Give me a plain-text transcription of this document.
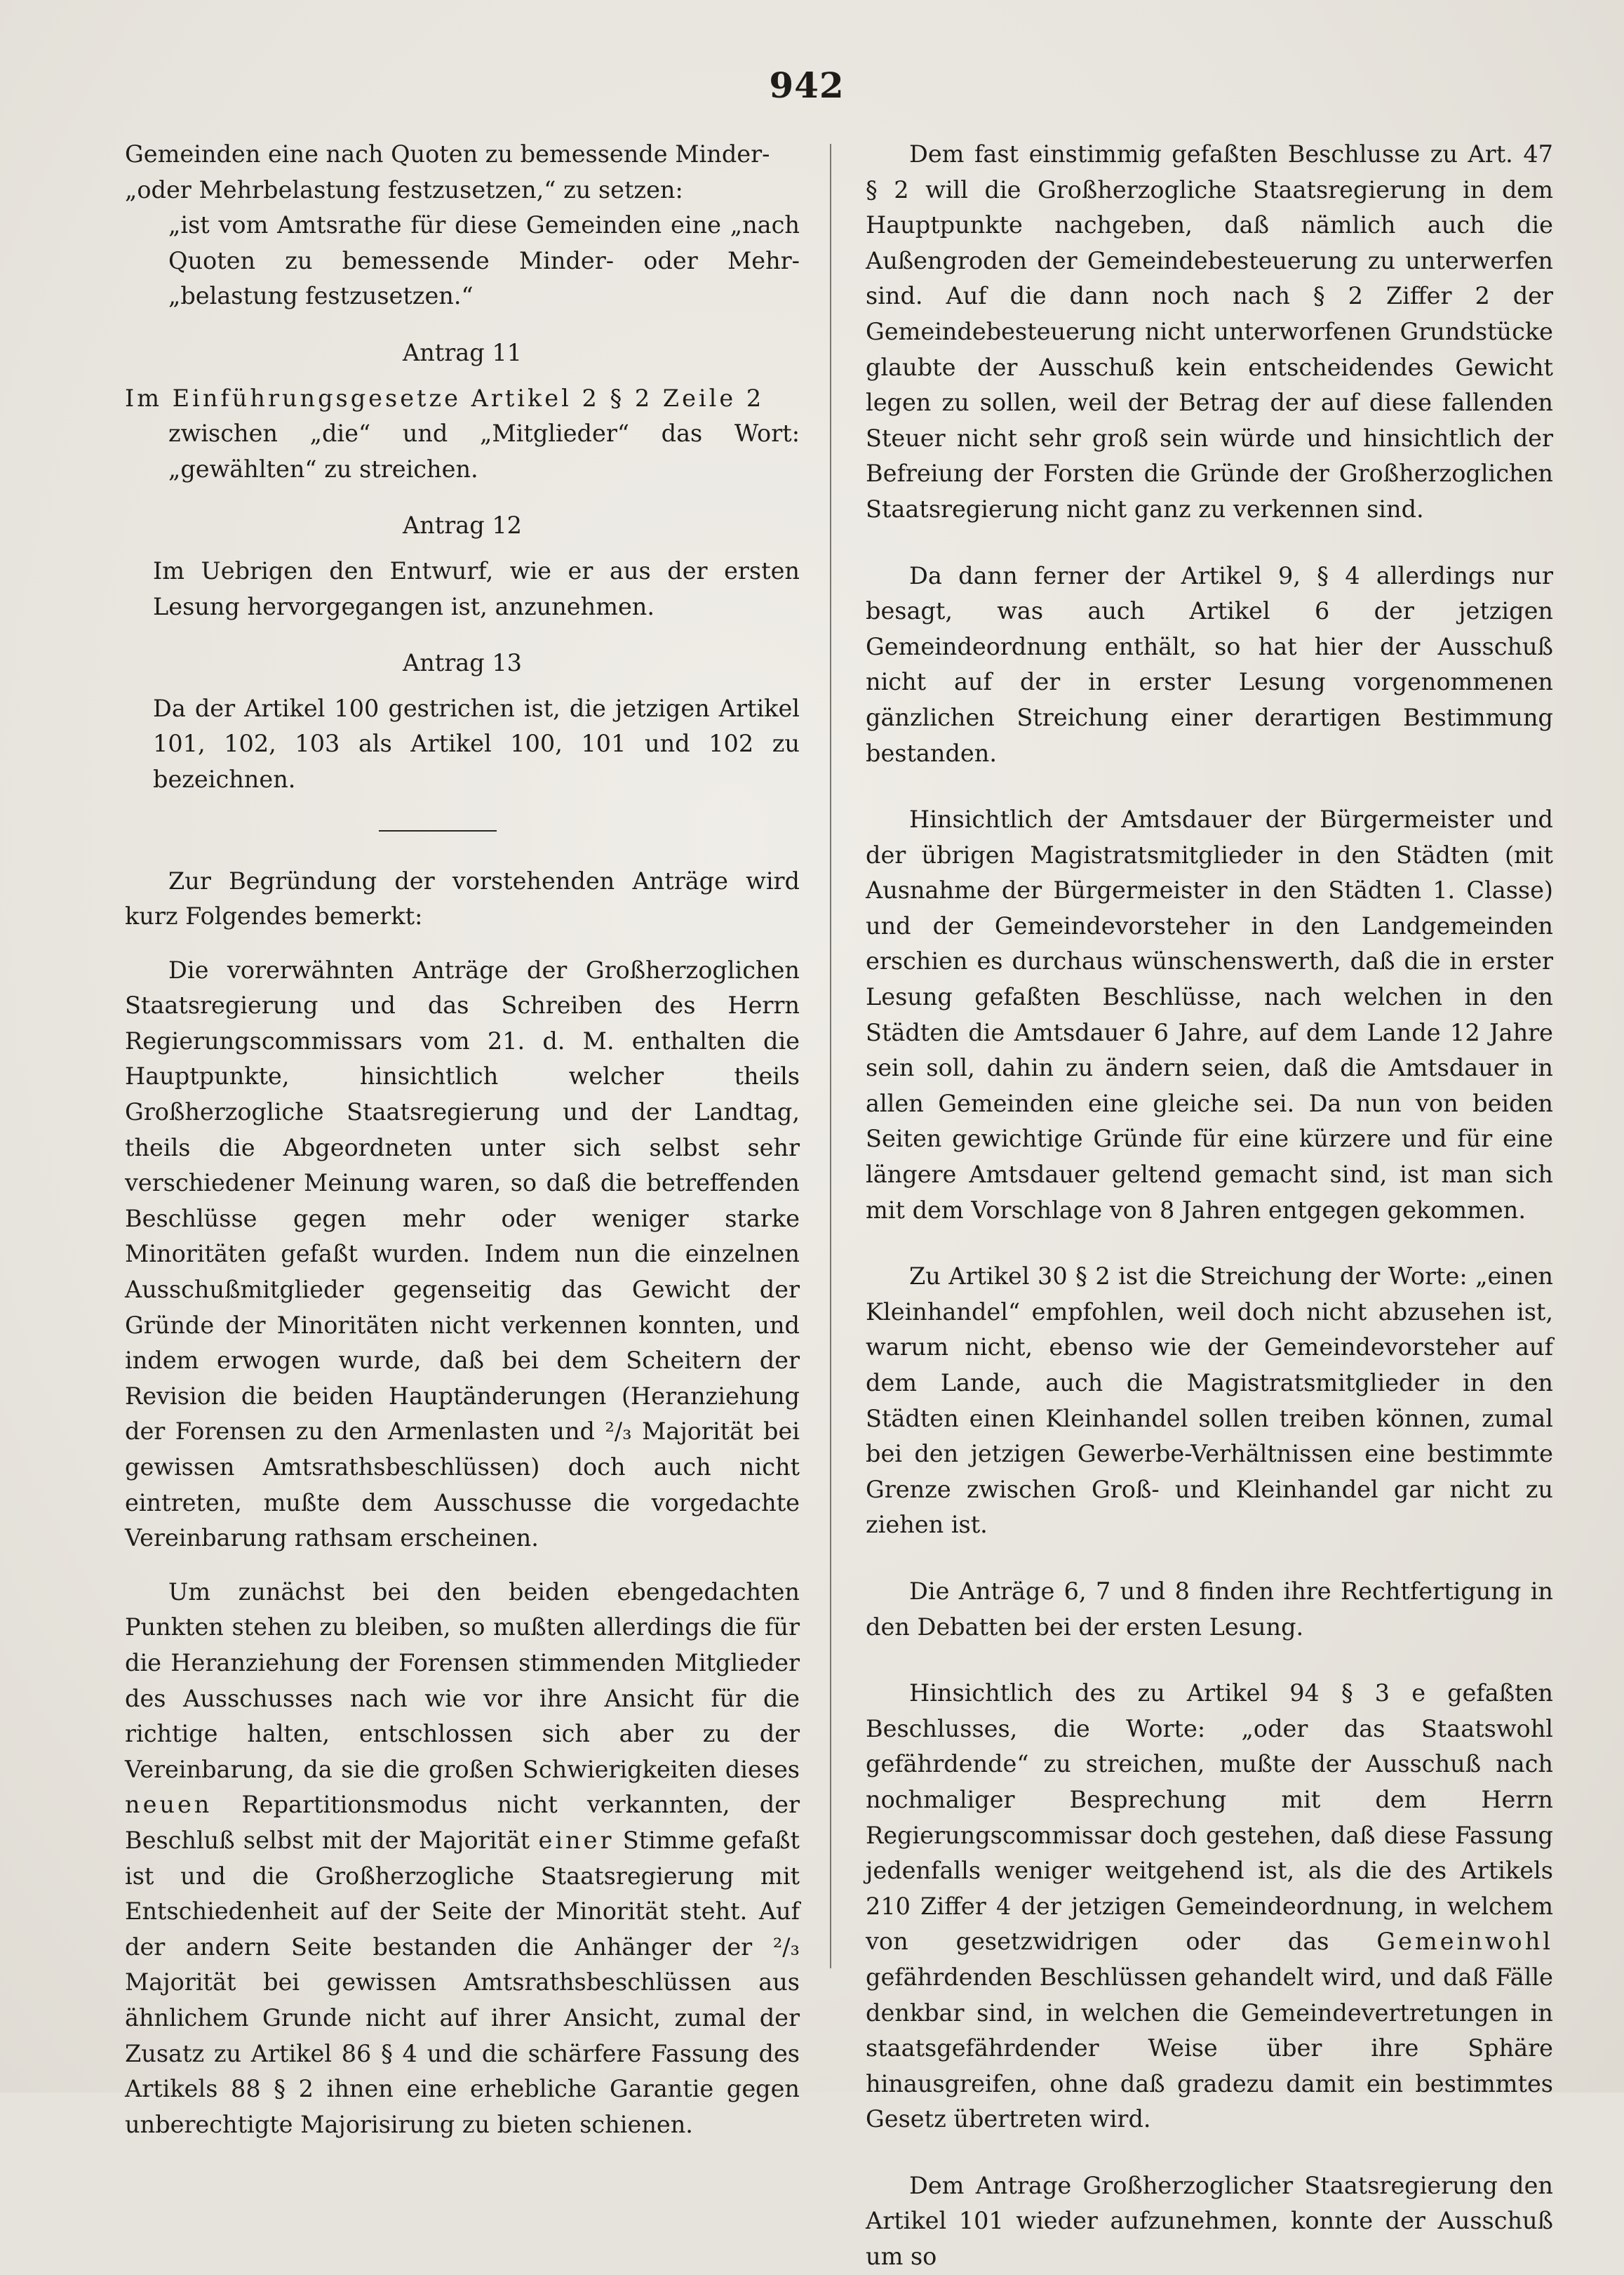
942

Gemeinden eine nach Quoten zu bemessende Minder-

„oder Mehrbelastung festzusetzen,“ zu setzen:

„ist vom Amtsrathe für diese Gemeinden eine „nach Quoten zu bemessende Minder- oder Mehr- „belastung festzusetzen.“

Antrag 11

Im Einführungsgesetze Artikel 2 § 2 Zeile 2

zwischen „die“ und „Mitglieder“ das Wort: „gewählten“ zu streichen.

Antrag 12

Im Uebrigen den Entwurf, wie er aus der ersten Lesung hervorgegangen ist, anzunehmen.

Antrag 13

Da der Artikel 100 gestrichen ist, die jetzigen Artikel 101, 102, 103 als Artikel 100, 101 und 102 zu bezeichnen.

Zur Begründung der vorstehenden Anträge wird kurz Folgendes bemerkt:

Die vorerwähnten Anträge der Großherzoglichen Staatsregierung und das Schreiben des Herrn Regierungscommissars vom 21. d. M. enthalten die Hauptpunkte, hinsichtlich welcher theils Großherzogliche Staatsregierung und der Landtag, theils die Abgeordneten unter sich selbst sehr verschiedener Meinung waren, so daß die betreffenden Beschlüsse gegen mehr oder weniger starke Minoritäten gefaßt wurden. Indem nun die einzelnen Ausschußmitglieder gegenseitig das Gewicht der Gründe der Minoritäten nicht verkennen konnten, und indem erwogen wurde, daß bei dem Scheitern der Revision die beiden Hauptänderungen (Heranziehung der Forensen zu den Armenlasten und ²/₃ Majorität bei gewissen Amtsrathsbeschlüssen) doch auch nicht eintreten, mußte dem Ausschusse die vorgedachte Vereinbarung rathsam erscheinen.

Um zunächst bei den beiden ebengedachten Punkten stehen zu bleiben, so mußten allerdings die für die Heranziehung der Forensen stimmenden Mitglieder des Ausschusses nach wie vor ihre Ansicht für die richtige halten, entschlossen sich aber zu der Vereinbarung, da sie die großen Schwierigkeiten dieses neuen Repartitionsmodus nicht verkannten, der Beschluß selbst mit der Majorität einer Stimme gefaßt ist und die Großherzogliche Staatsregierung mit Entschiedenheit auf der Seite der Minorität steht. Auf der andern Seite bestanden die Anhänger der ²/₃ Majorität bei gewissen Amtsrathsbeschlüssen aus ähnlichem Grunde nicht auf ihrer Ansicht, zumal der Zusatz zu Artikel 86 § 4 und die schärfere Fassung des Artikels 88 § 2 ihnen eine erhebliche Garantie gegen unberechtigte Majorisirung zu bieten schienen.

Dem fast einstimmig gefaßten Beschlusse zu Art. 47 § 2 will die Großherzogliche Staatsregierung in dem Hauptpunkte nachgeben, daß nämlich auch die Außengroden der Gemeindebesteuerung zu unterwerfen sind. Auf die dann noch nach § 2 Ziffer 2 der Gemeindebesteuerung nicht unterworfenen Grundstücke glaubte der Ausschuß kein entscheidendes Gewicht legen zu sollen, weil der Betrag der auf diese fallenden Steuer nicht sehr groß sein würde und hinsichtlich der Befreiung der Forsten die Gründe der Großherzoglichen Staatsregierung nicht ganz zu verkennen sind.

Da dann ferner der Artikel 9, § 4 allerdings nur besagt, was auch Artikel 6 der jetzigen Gemeindeordnung enthält, so hat hier der Ausschuß nicht auf der in erster Lesung vorgenommenen gänzlichen Streichung einer derartigen Bestimmung bestanden.

Hinsichtlich der Amtsdauer der Bürgermeister und der übrigen Magistratsmitglieder in den Städten (mit Ausnahme der Bürgermeister in den Städten 1. Classe) und der Gemeindevorsteher in den Landgemeinden erschien es durchaus wünschenswerth, daß die in erster Lesung gefaßten Beschlüsse, nach welchen in den Städten die Amtsdauer 6 Jahre, auf dem Lande 12 Jahre sein soll, dahin zu ändern seien, daß die Amtsdauer in allen Gemeinden eine gleiche sei. Da nun von beiden Seiten gewichtige Gründe für eine kürzere und für eine längere Amtsdauer geltend gemacht sind, ist man sich mit dem Vorschlage von 8 Jahren entgegen gekommen.

Zu Artikel 30 § 2 ist die Streichung der Worte: „einen Kleinhandel“ empfohlen, weil doch nicht abzusehen ist, warum nicht, ebenso wie der Gemeindevorsteher auf dem Lande, auch die Magistratsmitglieder in den Städten einen Kleinhandel sollen treiben können, zumal bei den jetzigen Gewerbe-Verhältnissen eine bestimmte Grenze zwischen Groß- und Kleinhandel gar nicht zu ziehen ist.

Die Anträge 6, 7 und 8 finden ihre Rechtfertigung in den Debatten bei der ersten Lesung.

Hinsichtlich des zu Artikel 94 § 3 e gefaßten Beschlusses, die Worte: „oder das Staatswohl gefährdende“ zu streichen, mußte der Ausschuß nach nochmaliger Besprechung mit dem Herrn Regierungscommissar doch gestehen, daß diese Fassung jedenfalls weniger weitgehend ist, als die des Artikels 210 Ziffer 4 der jetzigen Gemeindeordnung, in welchem von gesetzwidrigen oder das Gemeinwohl gefährdenden Beschlüssen gehandelt wird, und daß Fälle denkbar sind, in welchen die Gemeindevertretungen in staatsgefährdender Weise über ihre Sphäre hinausgreifen, ohne daß gradezu damit ein bestimmtes Gesetz übertreten wird.

Dem Antrage Großherzoglicher Staatsregierung den Artikel 101 wieder aufzunehmen, konnte der Ausschuß um so
